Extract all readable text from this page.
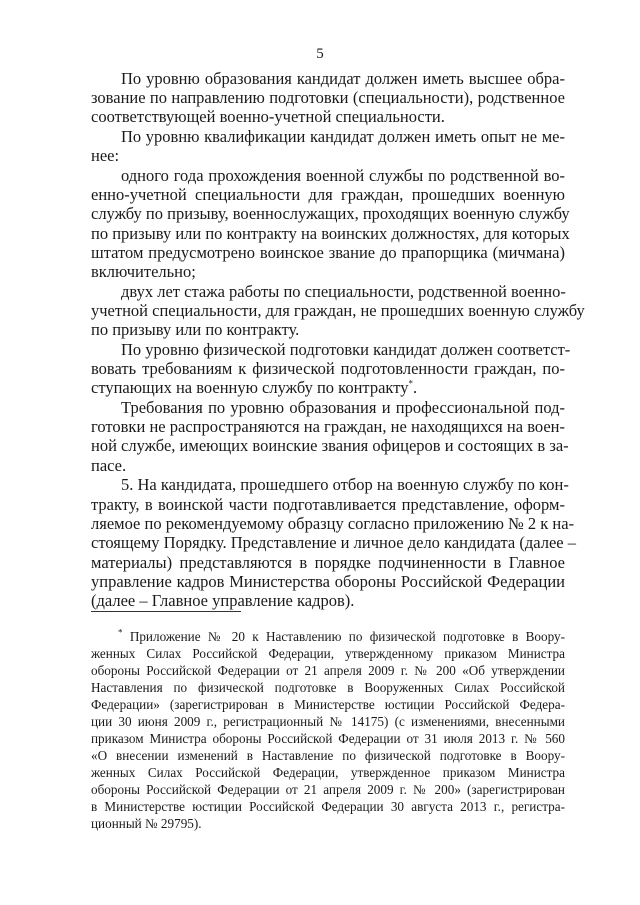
5
По уровню образования кандидат должен иметь высшее обра-
зование по направлению подготовки (специальности), родственное
соответствующей военно-учетной специальности.
По уровню квалификации кандидат должен иметь опыт не ме-
нее:
одного года прохождения военной службы по родственной во-
енно-учетной специальности для граждан, прошедших военную
службу по призыву, военнослужащих, проходящих военную службу
по призыву или по контракту на воинских должностях, для которых
штатом предусмотрено воинское звание до прапорщика (мичмана)
включительно;
двух лет стажа работы по специальности, родственной военно-
учетной специальности, для граждан, не прошедших военную службу
по призыву или по контракту.
По уровню физической подготовки кандидат должен соответст-
вовать требованиям к физической подготовленности граждан, по-
ступающих на военную службу по контракту*.
Требования по уровню образования и профессиональной под-
готовки не распространяются на граждан, не находящихся на воен-
ной службе, имеющих воинские звания офицеров и состоящих в за-
пасе.
5. На кандидата, прошедшего отбор на военную службу по кон-
тракту, в воинской части подготавливается представление, оформ-
ляемое по рекомендуемому образцу согласно приложению № 2 к на-
стоящему Порядку. Представление и личное дело кандидата (далее –
материалы) представляются в порядке подчиненности в Главное
управление кадров Министерства обороны Российской Федерации
(далее – Главное управление кадров).
* Приложение № 20 к Наставлению по физической подготовке в Воору-
женных Силах Российской Федерации, утвержденному приказом Министра
обороны Российской Федерации от 21 апреля 2009 г. № 200 «Об утверждении
Наставления по физической подготовке в Вооруженных Силах Российской
Федерации» (зарегистрирован в Министерстве юстиции Российской Федера-
ции 30 июня 2009 г., регистрационный № 14175) (с изменениями, внесенными
приказом Министра обороны Российской Федерации от 31 июля 2013 г. № 560
«О внесении изменений в Наставление по физической подготовке в Воору-
женных Силах Российской Федерации, утвержденное приказом Министра
обороны Российской Федерации от 21 апреля 2009 г. № 200» (зарегистрирован
в Министерстве юстиции Российской Федерации 30 августа 2013 г., регистра-
ционный № 29795).
